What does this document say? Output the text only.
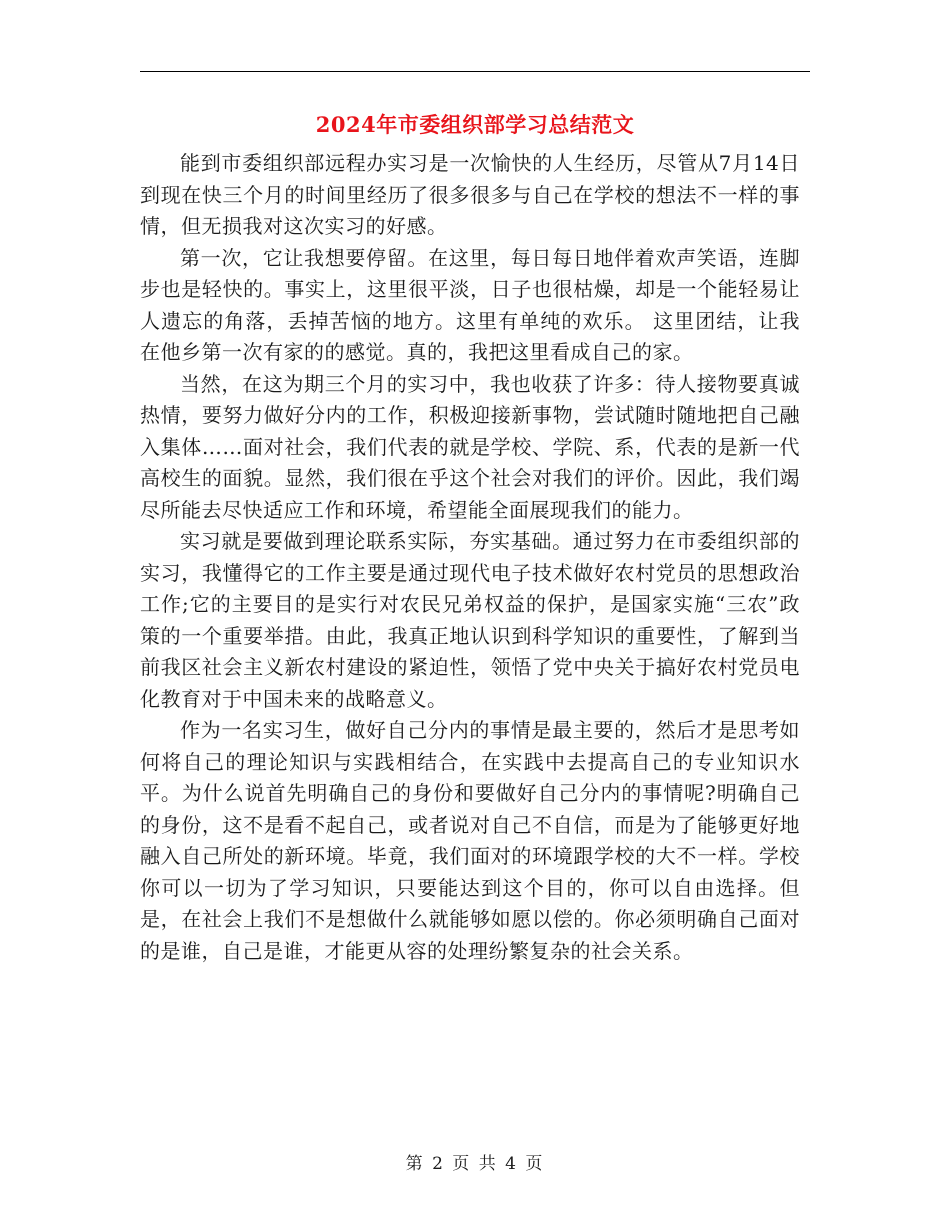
2024年市委组织部学习总结范文

能到市委组织部远程办实习是一次愉快的人生经历，尽管从7月14日到现在快三个月的时间里经历了很多很多与自己在学校的想法不一样的事情，但无损我对这次实习的好感。

第一次，它让我想要停留。在这里，每日每日地伴着欢声笑语，连脚步也是轻快的。事实上，这里很平淡，日子也很枯燥，却是一个能轻易让人遗忘的角落，丢掉苦恼的地方。这里有单纯的欢乐。 这里团结，让我在他乡第一次有家的的感觉。真的，我把这里看成自己的家。

当然，在这为期三个月的实习中，我也收获了许多：待人接物要真诚热情，要努力做好分内的工作，积极迎接新事物，尝试随时随地把自己融入集体……面对社会，我们代表的就是学校、学院、系，代表的是新一代高校生的面貌。显然，我们很在乎这个社会对我们的评价。因此，我们竭尽所能去尽快适应工作和环境，希望能全面展现我们的能力。

实习就是要做到理论联系实际，夯实基础。通过努力在市委组织部的实习，我懂得它的工作主要是通过现代电子技术做好农村党员的思想政治工作;它的主要目的是实行对农民兄弟权益的保护，是国家实施“三农”政策的一个重要举措。由此，我真正地认识到科学知识的重要性，了解到当前我区社会主义新农村建设的紧迫性，领悟了党中央关于搞好农村党员电化教育对于中国未来的战略意义。

作为一名实习生，做好自己分内的事情是最主要的，然后才是思考如何将自己的理论知识与实践相结合，在实践中去提高自己的专业知识水平。为什么说首先明确自己的身份和要做好自己分内的事情呢?明确自己的身份，这不是看不起自己，或者说对自己不自信，而是为了能够更好地融入自己所处的新环境。毕竟，我们面对的环境跟学校的大不一样。学校你可以一切为了学习知识，只要能达到这个目的，你可以自由选择。但是，在社会上我们不是想做什么就能够如愿以偿的。你必须明确自己面对的是谁，自己是谁，才能更从容的处理纷繁复杂的社会关系。

第 2 页 共 4 页
